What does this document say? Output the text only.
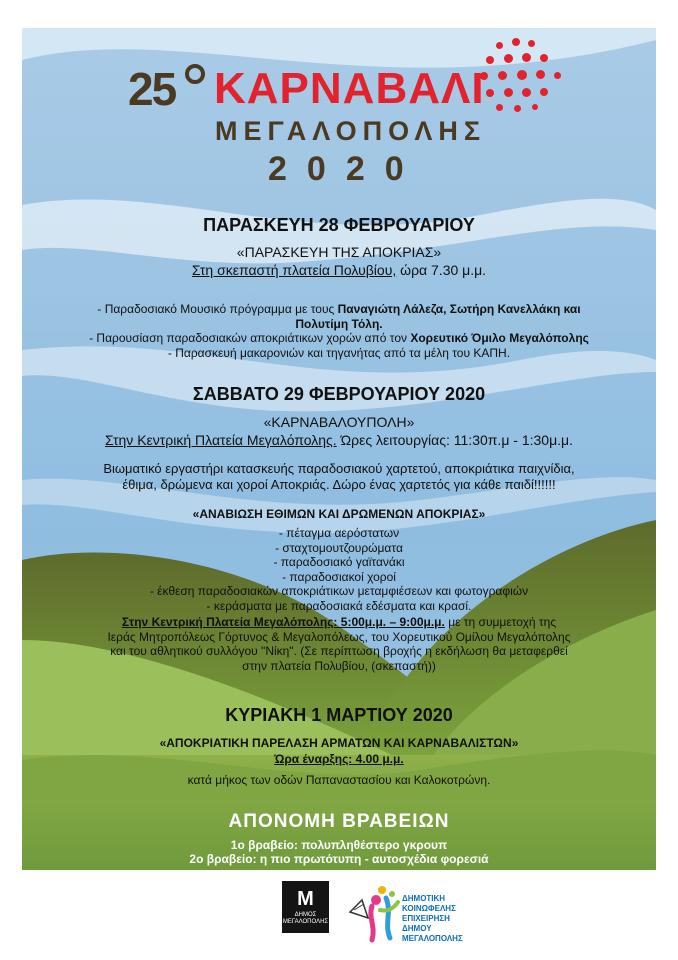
25 ΚΑΡΝΑΒΑΛΙ
ΜΕΓΑΛΟΠΟΛΗΣ
2020
ΠΑΡΑΣΚΕΥΗ 28 ΦΕΒΡΟΥΑΡΙΟΥ
«ΠΑΡΑΣΚΕΥΗ ΤΗΣ ΑΠΟΚΡΙΑΣ»
Στη σκεπαστή πλατεία Πολυβίου, ώρα 7.30 μ.μ.
- Παραδοσιακό Μουσικό πρόγραμμα με τους Παναγιώτη Λάλεζα, Σωτήρη Κανελλάκη και
Πολυτίμη Τόλη.
- Παρουσίαση παραδοσιακών αποκριάτικων χορών από τον Χορευτικό Όμιλο Μεγαλόπολης
- Παρασκευή μακαρονιών και τηγανήτας από τα μέλη του ΚΑΠΗ.
ΣΑΒΒΑΤΟ 29 ΦΕΒΡΟΥΑΡΙΟΥ 2020
«ΚΑΡΝΑΒΑΛΟΥΠΟΛΗ»
Στην Κεντρική Πλατεία Μεγαλόπολης. Ώρες λειτουργίας: 11:30π.μ - 1:30μ.μ.
Βιωματικό εργαστήρι κατασκευής παραδοσιακού χαρτετού, αποκριάτικα παιχνίδια,
έθιμα, δρώμενα και χοροί Αποκριάς. Δώρο ένας χαρτετός για κάθε παιδί!!!!!!
«ΑΝΑΒΙΩΣΗ ΕΘΙΜΩΝ ΚΑΙ ΔΡΩΜΕΝΩΝ ΑΠΟΚΡΙΑΣ»
- πέταγμα αερόστατων
- σταχτομουτζουρώματα
- παραδοσιακό γαϊτανάκι
- παραδοσιακοί χοροί
- έκθεση παραδοσιακών αποκριάτικων μεταμφιέσεων και φωτογραφιών
- κεράσματα με παραδοσιακά εδέσματα και κρασί.
Στην Κεντρική Πλατεία Μεγαλόπολης: 5:00μ.μ. – 9:00μ.μ. με τη συμμετοχή της
Ιεράς Μητροπόλεως Γόρτυνος & Μεγαλοπόλεως, του Χορευτικού Ομίλου Μεγαλόπολης
και του αθλητικού συλλόγου "Νίκη". (Σε περίπτωση βροχής η εκδήλωση θα μεταφερθεί
στην πλατεία Πολυβίου, (σκεπαστή))
ΚΥΡΙΑΚΗ 1 ΜΑΡΤΙΟΥ 2020
«ΑΠΟΚΡΙΑΤΙΚΗ ΠΑΡΕΛΑΣΗ ΑΡΜΑΤΩΝ ΚΑΙ ΚΑΡΝΑΒΑΛΙΣΤΩΝ»
Ώρα έναρξης: 4.00 μ.μ.
κατά μήκος των οδών Παπαναστασίου και Καλοκοτρώνη.
ΑΠΟΝΟΜΗ ΒΡΑΒΕΙΩΝ
1ο βραβείο: πολυπληθέστερο γκρουπ
2ο βραβείο: η πιο πρωτότυπη - αυτοσχέδια φορεσιά
Μ
ΔΗΜΟΣ
ΜΕΓΑΛΟΠΟΛΗΣ
ΔΗΜΟΤΙΚΗ
ΚΟΙΝΩΦΕΛΗΣ
ΕΠΙΧΕΙΡΗΣΗ
ΔΗΜΟΥ
ΜΕΓΑΛΟΠΟΛΗΣ
